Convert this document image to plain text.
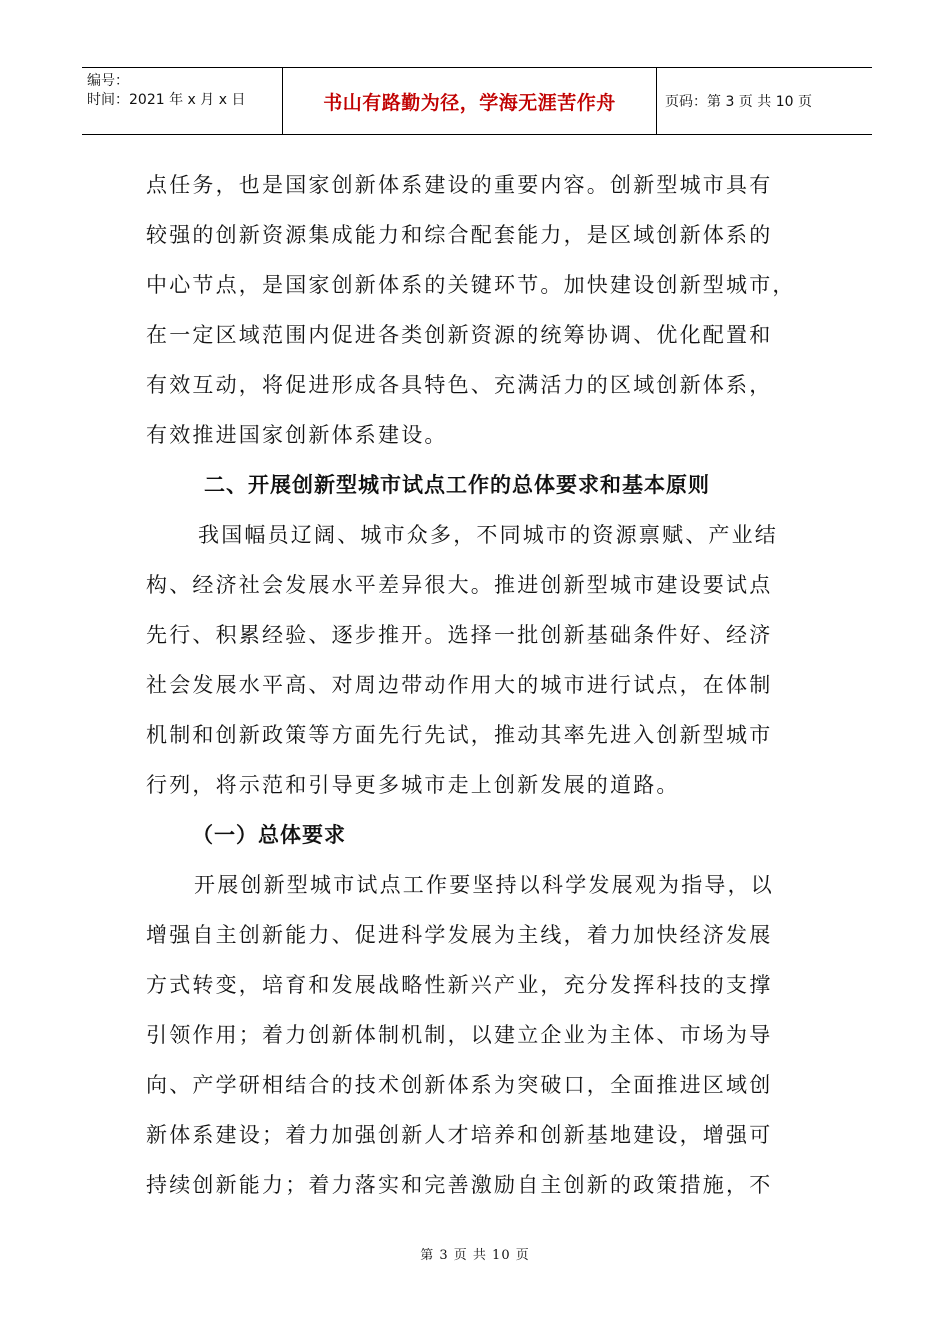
编号：
时间：2021 年 x 月 x 日	书山有路勤为径，学海无涯苦作舟	页码：第 3 页 共 10 页
点任务，也是国家创新体系建设的重要内容。创新型城市具有
较强的创新资源集成能力和综合配套能力，是区域创新体系的
中心节点，是国家创新体系的关键环节。加快建设创新型城市，
在一定区域范围内促进各类创新资源的统筹协调、优化配置和
有效互动，将促进形成各具特色、充满活力的区域创新体系，
有效推进国家创新体系建设。
二、开展创新型城市试点工作的总体要求和基本原则
我国幅员辽阔、城市众多，不同城市的资源禀赋、产业结
构、经济社会发展水平差异很大。推进创新型城市建设要试点
先行、积累经验、逐步推开。选择一批创新基础条件好、经济
社会发展水平高、对周边带动作用大的城市进行试点，在体制
机制和创新政策等方面先行先试，推动其率先进入创新型城市
行列，将示范和引导更多城市走上创新发展的道路。
（一）总体要求
开展创新型城市试点工作要坚持以科学发展观为指导，以
增强自主创新能力、促进科学发展为主线，着力加快经济发展
方式转变，培育和发展战略性新兴产业，充分发挥科技的支撑
引领作用；着力创新体制机制，以建立企业为主体、市场为导
向、产学研相结合的技术创新体系为突破口，全面推进区域创
新体系建设；着力加强创新人才培养和创新基地建设，增强可
持续创新能力；着力落实和完善激励自主创新的政策措施，不
第 3 页 共 10 页
